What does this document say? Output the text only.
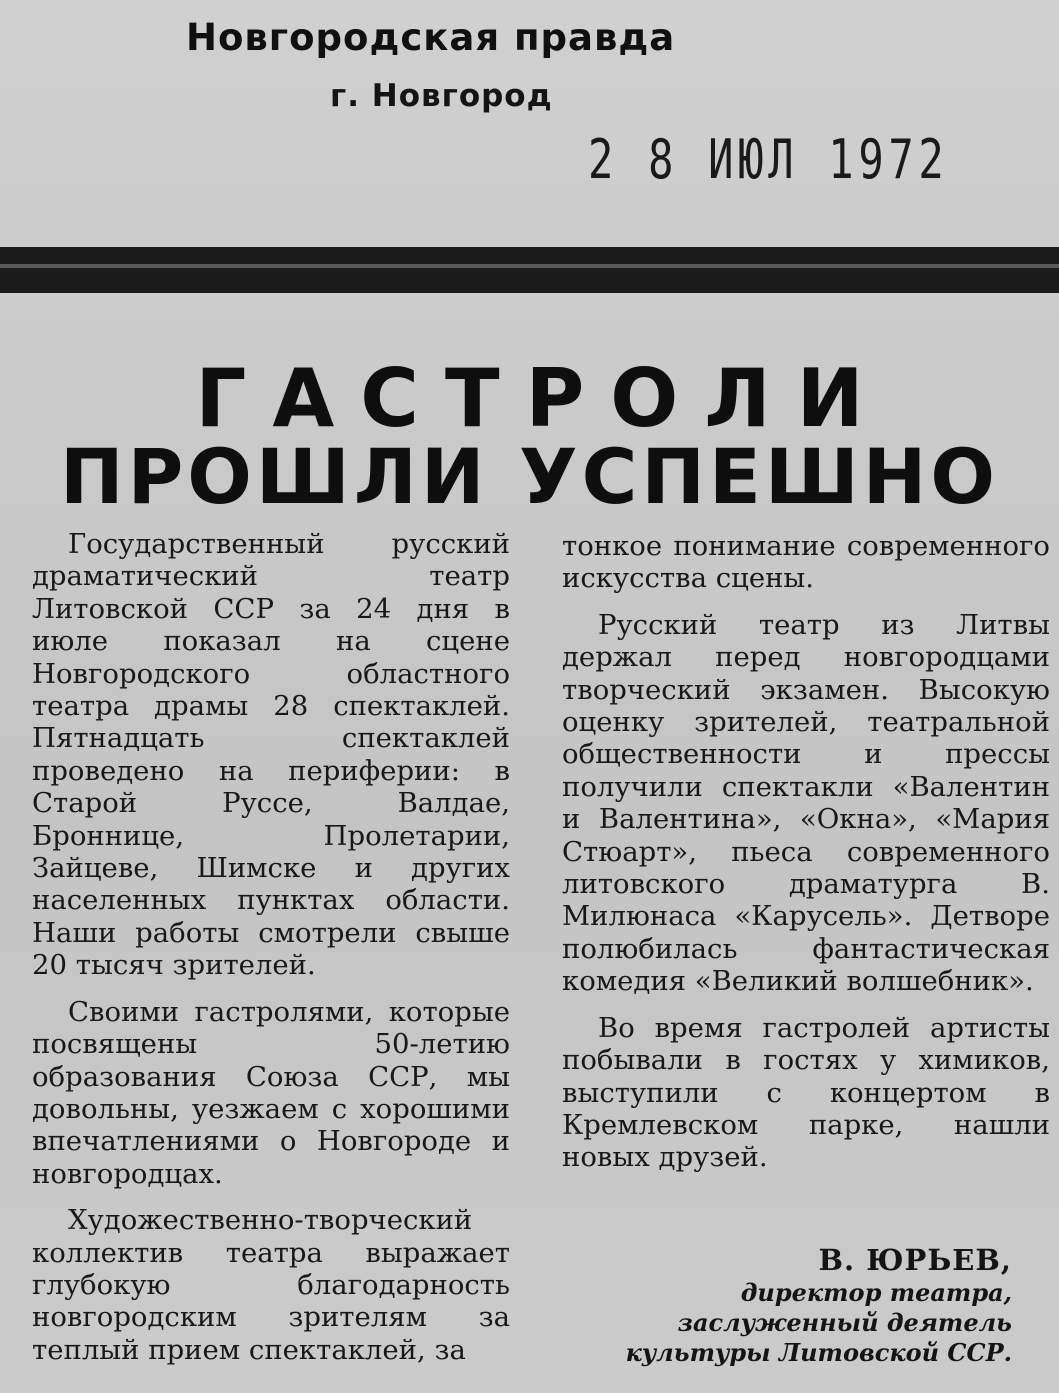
Новгородская правда
г. Новгород
2 8 ИЮЛ 1972
ГАСТРОЛИ
ПРОШЛИ УСПЕШНО

Государственный русский драматический театр Литовской ССР за 24 дня в июле показал на сцене Новгородского областного театра драмы 28 спектаклей. Пятнадцать спектаклей проведено на периферии: в Старой Руссе, Валдае, Броннице, Пролетарии, Зайцеве, Шимске и других населенных пунктах области. Наши работы смотрели свыше 20 тысяч зрителей.

Своими гастролями, которые посвящены 50-летию образования Союза ССР, мы довольны, уезжаем с хорошими впечатлениями о Новгороде и новгородцах.

Художественно-творческий коллектив театра выражает глубокую благодарность новгородским зрителям за теплый прием спектаклей, за

тонкое понимание современного искусства сцены.

Русский театр из Литвы держал перед новгородцами творческий экзамен. Высокую оценку зрителей, театральной общественности и прессы получили спектакли «Валентин и Валентина», «Окна», «Мария Стюарт», пьеса современного литовского драматурга В. Милюнаса «Карусель». Детворе полюбилась фантастическая комедия «Великий волшебник».

Во время гастролей артисты побывали в гостях у химиков, выступили с концертом в Кремлевском парке, нашли новых друзей.

В. ЮРЬЕВ,
директор театра,
заслуженный деятель
культуры Литовской ССР.
